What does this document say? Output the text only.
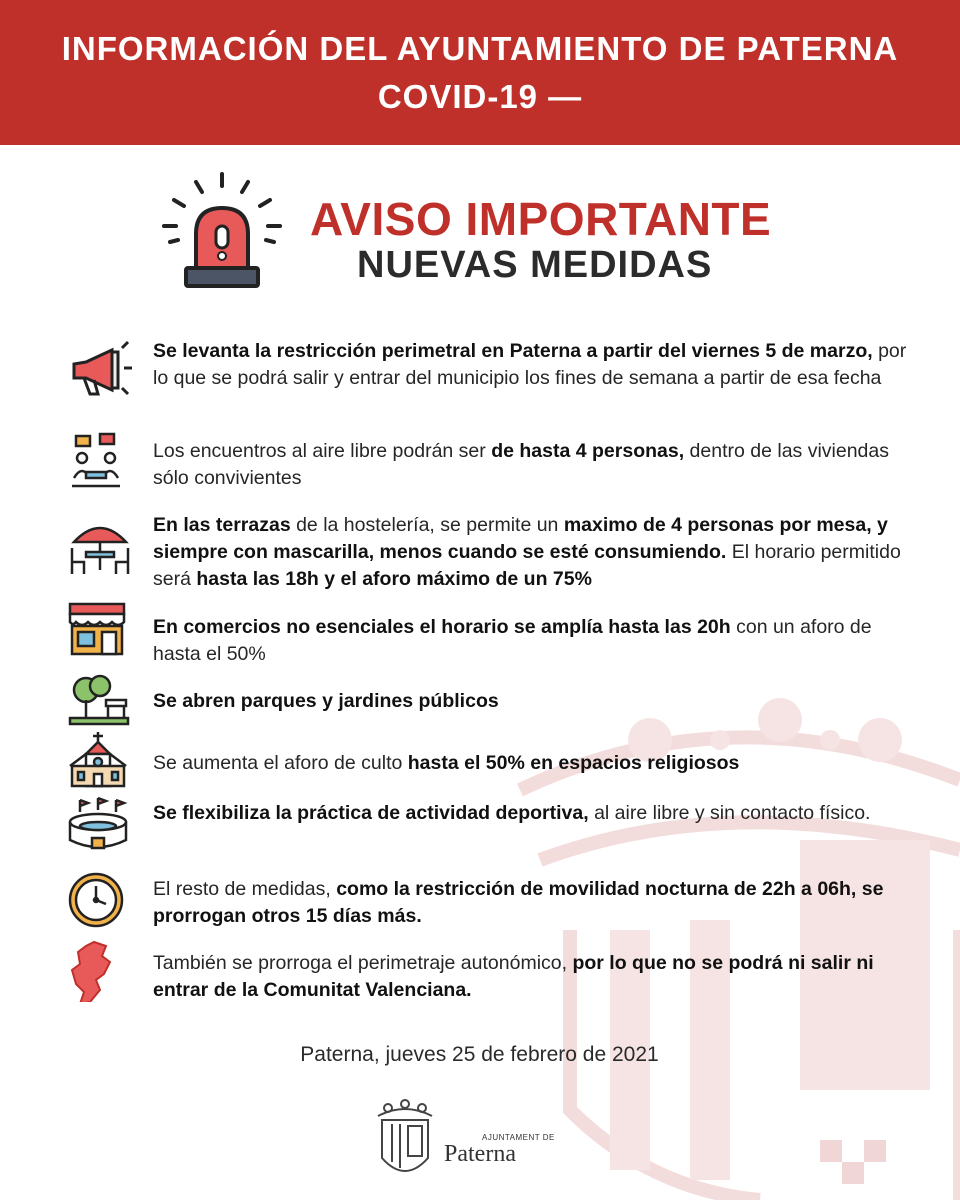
INFORMACIÓN DEL AYUNTAMIENTO DE PATERNA
COVID-19 —
AVISO IMPORTANTE
NUEVAS MEDIDAS
Se levanta la restricción perimetral en Paterna a partir del viernes 5 de marzo, por lo que se podrá salir y entrar del municipio los fines de semana a partir de esa fecha
Los encuentros al aire libre podrán ser de hasta 4 personas, dentro de las viviendas sólo convivientes
En las terrazas de la hostelería, se permite un maximo de 4 personas por mesa, y siempre con mascarilla, menos cuando se esté consumiendo. El horario permitido será hasta las 18h y el aforo máximo de un 75%
En comercios no esenciales el horario se amplía hasta las 20h con un aforo de hasta el 50%
Se abren parques y jardines públicos
Se aumenta el aforo de culto hasta el 50% en espacios religiosos
Se flexibiliza la práctica de actividad deportiva, al aire libre y sin contacto físico.
El resto de medidas, como la restricción de movilidad nocturna de 22h a 06h, se prorrogan otros 15 días más.
También se prorroga el perimetraje autonómico, por lo que no se podrá ni salir ni entrar de la Comunitat Valenciana.
Paterna, jueves 25 de febrero de 2021
AJUNTAMENT DE
Paterna
